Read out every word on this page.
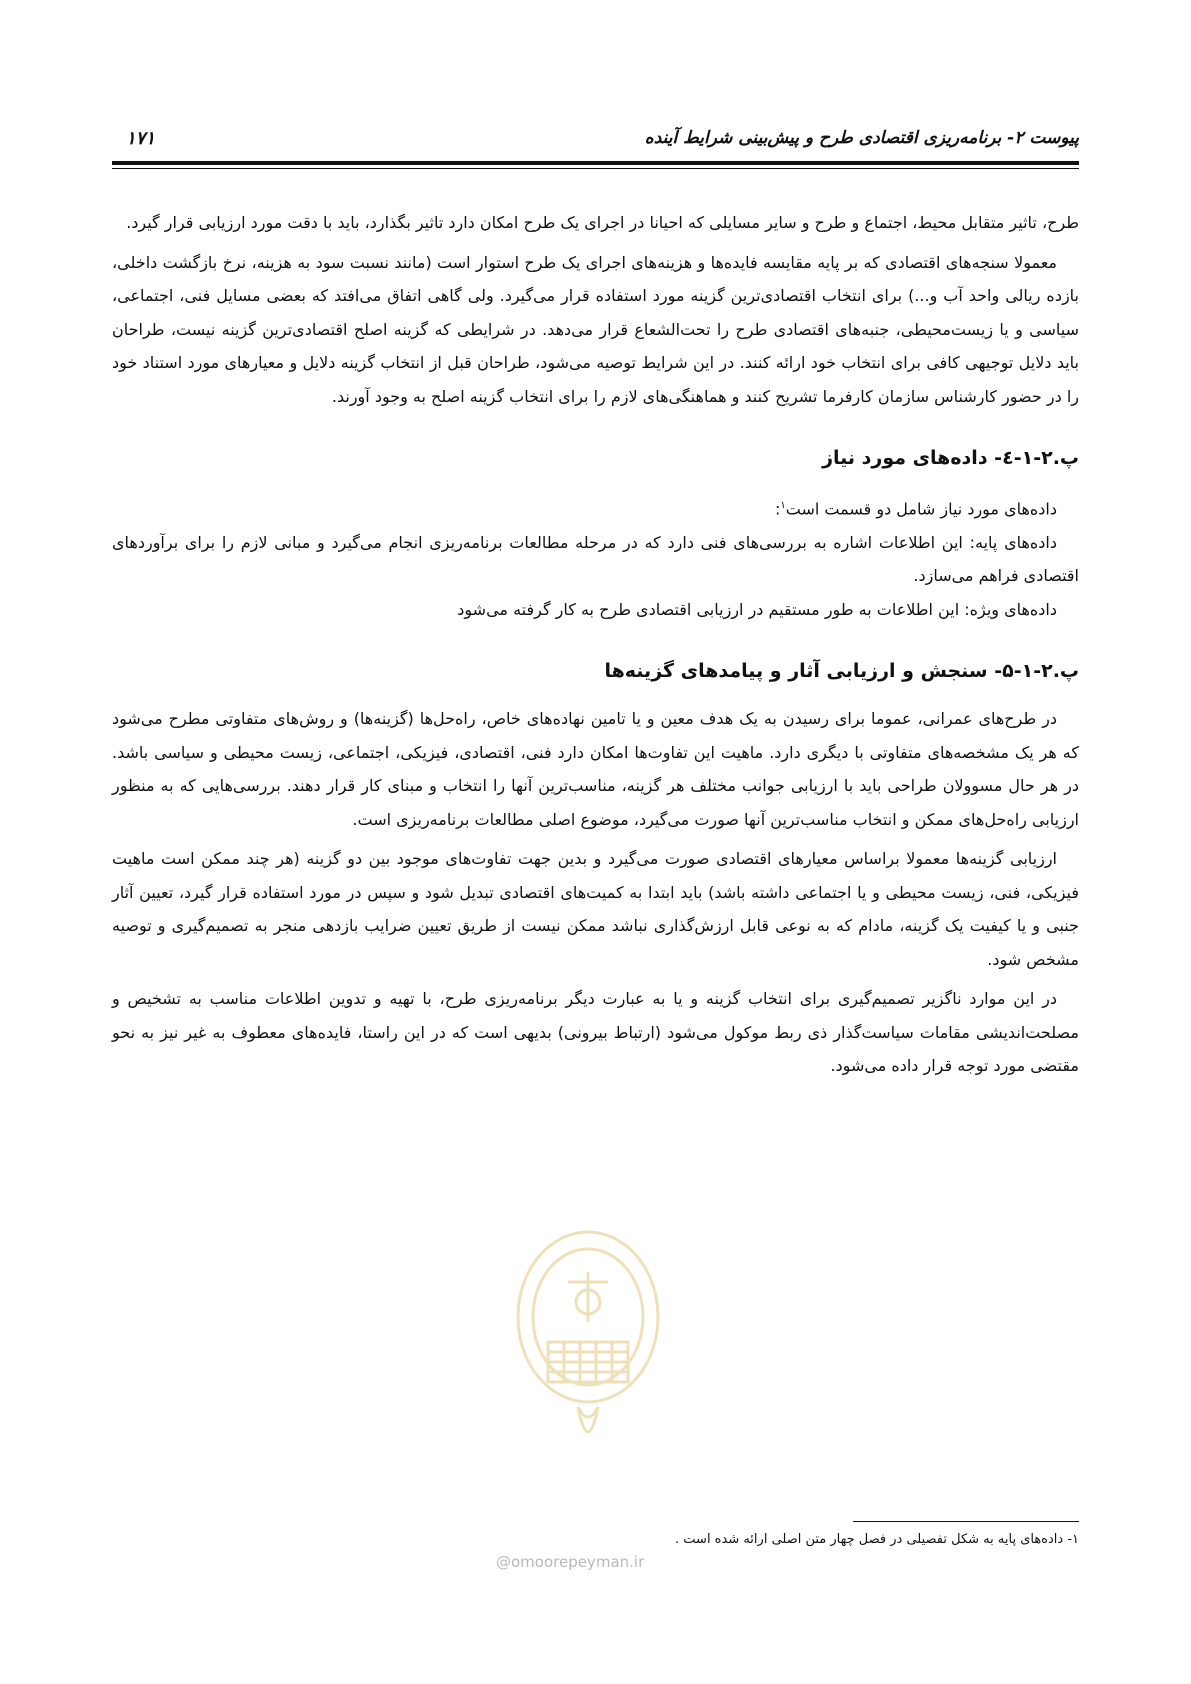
پیوست ۲- برنامه‌ریزی اقتصادی طرح و پیش‌بینی شرایط آینده
۱۷۱

طرح، تاثیر متقابل محیط، اجتماع و طرح و سایر مسایلی که احیانا در اجرای یک طرح امکان دارد تاثیر بگذارد، باید با دقت مورد ارزیابی قرار گیرد.

معمولا سنجه‌های اقتصادی که بر پایه مقایسه فایده‌ها و هزینه‌های اجرای یک طرح استوار است (مانند نسبت سود به هزینه، نرخ بازگشت داخلی، بازده ریالی واحد آب و...) برای انتخاب اقتصادی‌ترین گزینه مورد استفاده قرار می‌گیرد. ولی گاهی اتفاق می‌افتد که بعضی مسایل فنی، اجتماعی، سیاسی و یا زیست‌محیطی، جنبه‌های اقتصادی طرح را تحت‌الشعاع قرار می‌دهد. در شرایطی که گزینه اصلح اقتصادی‌ترین گزینه نیست، طراحان باید دلایل توجیهی کافی برای انتخاب خود ارائه کنند. در این شرایط توصیه می‌شود، طراحان قبل از انتخاب گزینه دلایل و معیارهای مورد استناد خود را در حضور کارشناس سازمان کارفرما تشریح کنند و هماهنگی‌های لازم را برای انتخاب گزینه اصلح به وجود آورند.

پ.۲-۱-٤- داده‌های مورد نیاز

داده‌های مورد نیاز شامل دو قسمت است$^۱$:

داده‌های پایه: این اطلاعات اشاره به بررسی‌های فنی دارد که در مرحله مطالعات برنامه‌ریزی انجام می‌گیرد و مبانی لازم را برای برآوردهای اقتصادی فراهم می‌سازد.

داده‌های ویژه: این اطلاعات به طور مستقیم در ارزیابی اقتصادی طرح به کار گرفته می‌شود

پ.۲-۱-۵- سنجش و ارزیابی آثار و پیامدهای گزینه‌ها

در طرح‌های عمرانی، عموما برای رسیدن به یک هدف معین و یا تامین نهاده‌های خاص، راه‌حل‌ها (گزینه‌ها) و روش‌های متفاوتی مطرح می‌شود که هر یک مشخصه‌های متفاوتی با دیگری دارد. ماهیت این تفاوت‌ها امکان دارد فنی، اقتصادی، فیزیکی، اجتماعی، زیست محیطی و سیاسی باشد. در هر حال مسوولان طراحی باید با ارزیابی جوانب مختلف هر گزینه، مناسب‌ترین آنها را انتخاب و مبنای کار قرار دهند. بررسی‌هایی که به منظور ارزیابی راه‌حل‌های ممکن و انتخاب مناسب‌ترین آنها صورت می‌گیرد، موضوع اصلی مطالعات برنامه‌ریزی است.

ارزیابی گزینه‌ها معمولا براساس معیارهای اقتصادی صورت می‌گیرد و بدین جهت تفاوت‌های موجود بین دو گزینه (هر چند ممکن است ماهیت فیزیکی، فنی، زیست محیطی و یا اجتماعی داشته باشد) باید ابتدا به کمیت‌های اقتصادی تبدیل شود و سپس در مورد استفاده قرار گیرد، تعیین آثار جنبی و یا کیفیت یک گزینه، مادام که به نوعی قابل ارزش‌گذاری نباشد ممکن نیست از طریق تعیین ضرایب بازدهی منجر به تصمیم‌گیری و توصیه مشخص شود.

در این موارد ناگزیر تصمیم‌گیری برای انتخاب گزینه و یا به عبارت دیگر برنامه‌ریزی طرح، با تهیه و تدوین اطلاعات مناسب به تشخیص و مصلحت‌اندیشی مقامات سیاست‌گذار ذی ربط موکول می‌شود (ارتباط بیرونی) بدیهی است که در این راستا، فایده‌های معطوف به غیر نیز به نحو مقتضی مورد توجه قرار داده می‌شود.

۱- داده‌های پایه به شکل تفصیلی در فصل چهار متن اصلی ارائه شده است .
@omoorepeyman.ir
